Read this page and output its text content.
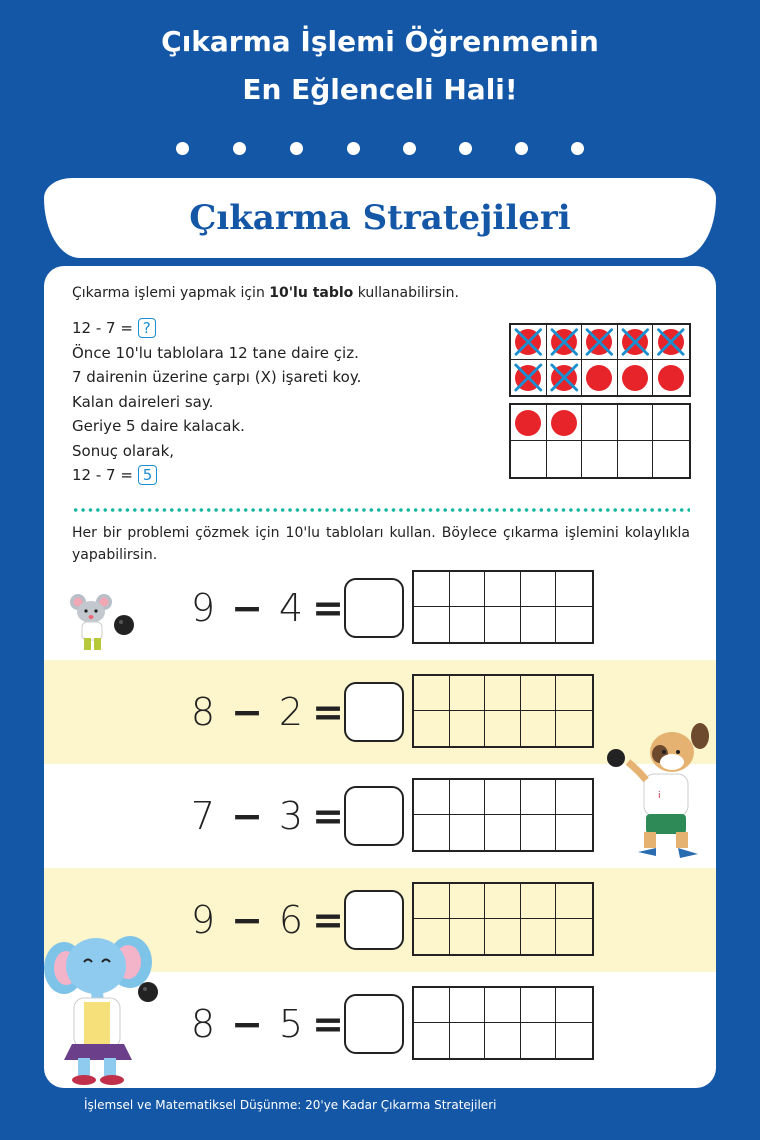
Çıkarma İşlemi Öğrenmenin
En Eğlenceli Hali!
Çıkarma Stratejileri
Çıkarma işlemi yapmak için 10'lu tablo kullanabilirsin.
12 - 7 = ?
Önce 10'lu tablolara 12 tane daire çiz.
7 dairenin üzerine çarpı (X) işareti koy.
Kalan daireleri say.
Geriye 5 daire kalacak.
Sonuç olarak,
12 - 7 = 5
Her bir problemi çözmek için 10'lu tabloları kullan. Böylece çıkarma işlemini kolaylıkla yapabilirsin.
9 − 4 =
8 − 2 =
7 − 3 =
9 − 6 =
8 − 5 =
i
İşlemsel ve Matematiksel Düşünme: 20'ye Kadar Çıkarma Stratejileri
